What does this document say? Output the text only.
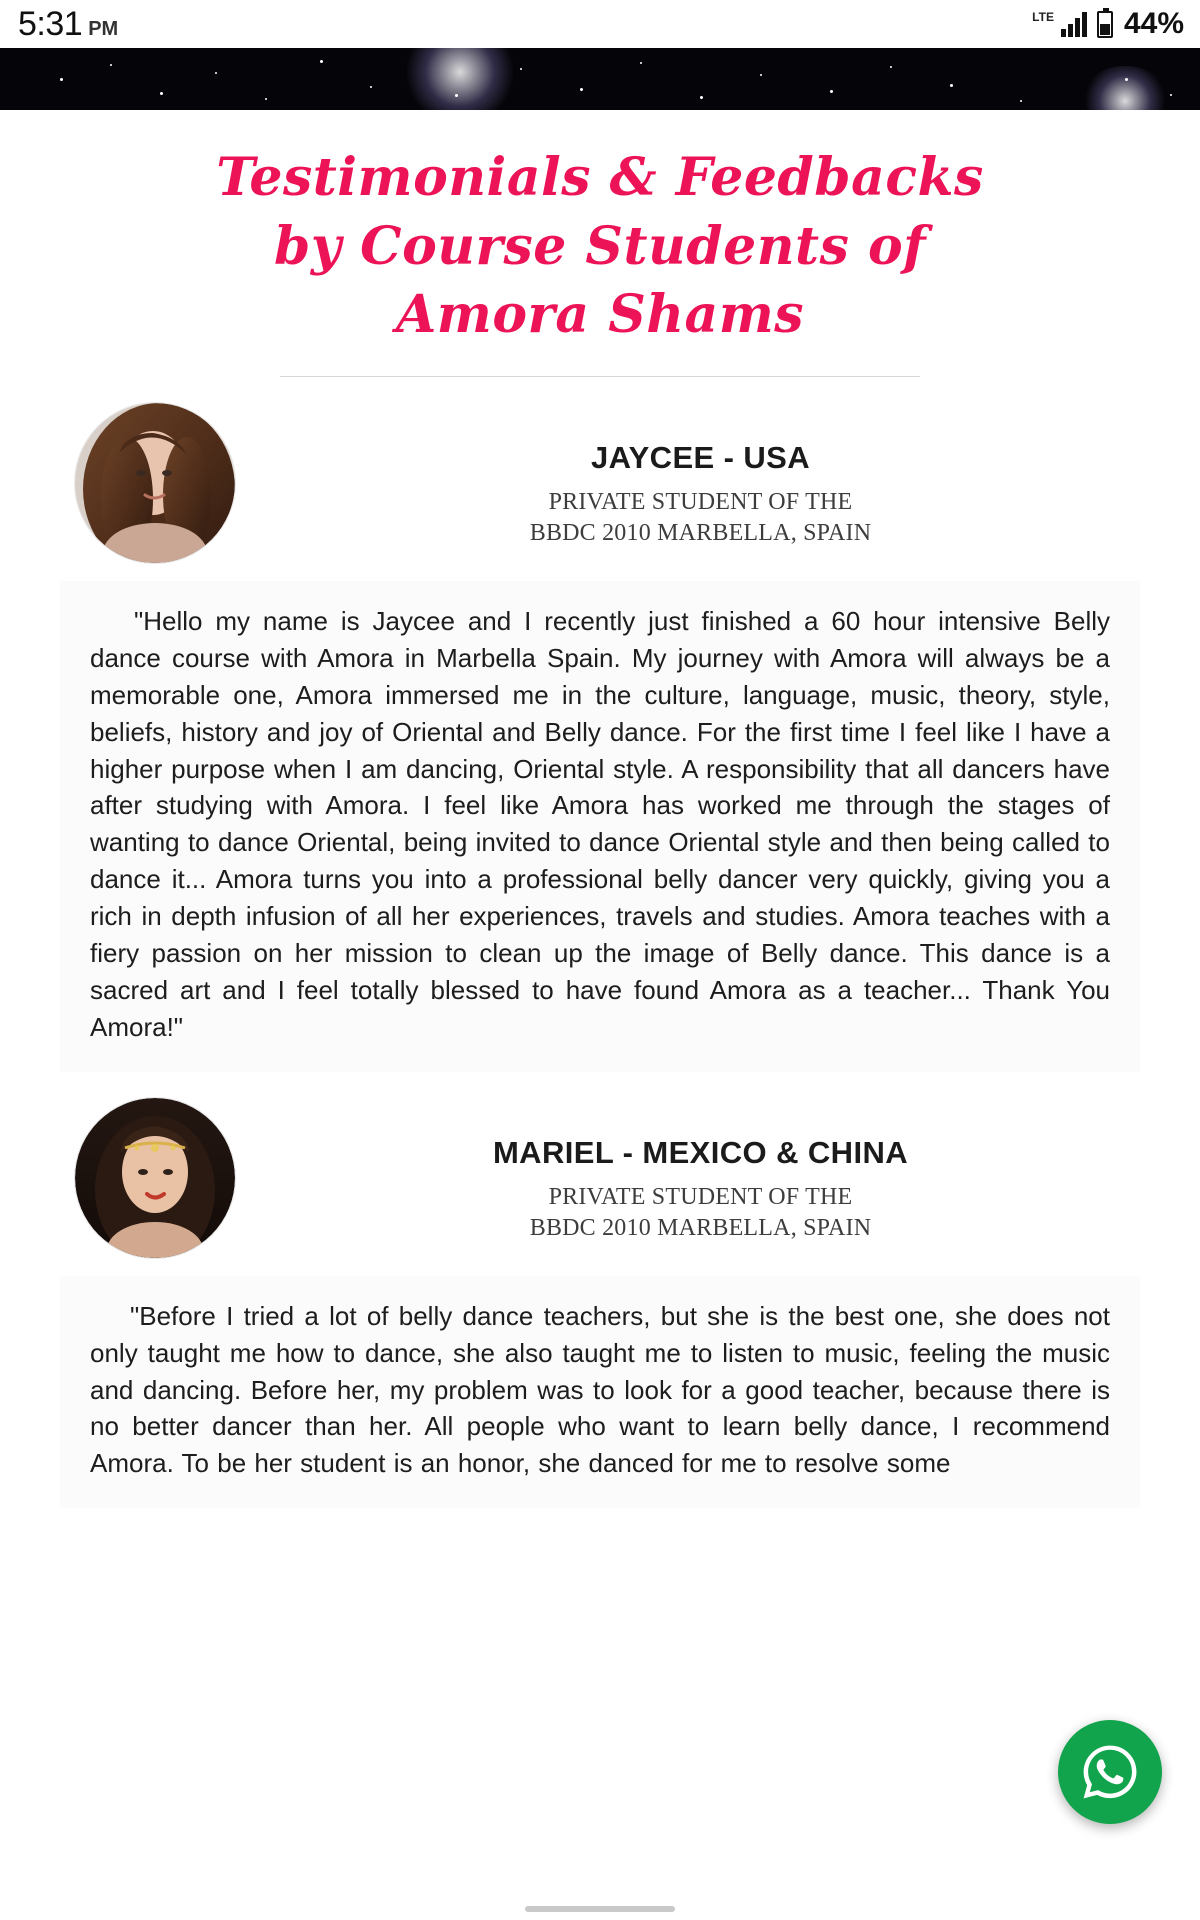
5:31 PM
LTE 44%
Testimonials & Feedbacks
by Course Students of
Amora Shams
JAYCEE - USA
PRIVATE STUDENT OF THE
BBDC 2010 MARBELLA, SPAIN

"Hello my name is Jaycee and I recently just finished a 60 hour intensive Belly dance course with Amora in Marbella Spain. My journey with Amora will always be a memorable one, Amora immersed me in the culture, language, music, theory, style, beliefs, history and joy of Oriental and Belly dance. For the first time I feel like I have a higher purpose when I am dancing, Oriental style. A responsibility that all dancers have after studying with Amora. I feel like Amora has worked me through the stages of wanting to dance Oriental, being invited to dance Oriental style and then being called to dance it... Amora turns you into a professional belly dancer very quickly, giving you a rich in depth infusion of all her experiences, travels and studies. Amora teaches with a fiery passion on her mission to clean up the image of Belly dance. This dance is a sacred art and I feel totally blessed to have found Amora as a teacher... Thank You Amora!"

MARIEL - MEXICO & CHINA
PRIVATE STUDENT OF THE
BBDC 2010 MARBELLA, SPAIN

"Before I tried a lot of belly dance teachers, but she is the best one, she does not only taught me how to dance, she also taught me to listen to music, feeling the music and dancing. Before her, my problem was to look for a good teacher, because there is no better dancer than her. All people who want to learn belly dance, I recommend Amora. To be her student is an honor, she danced for me to resolve some
